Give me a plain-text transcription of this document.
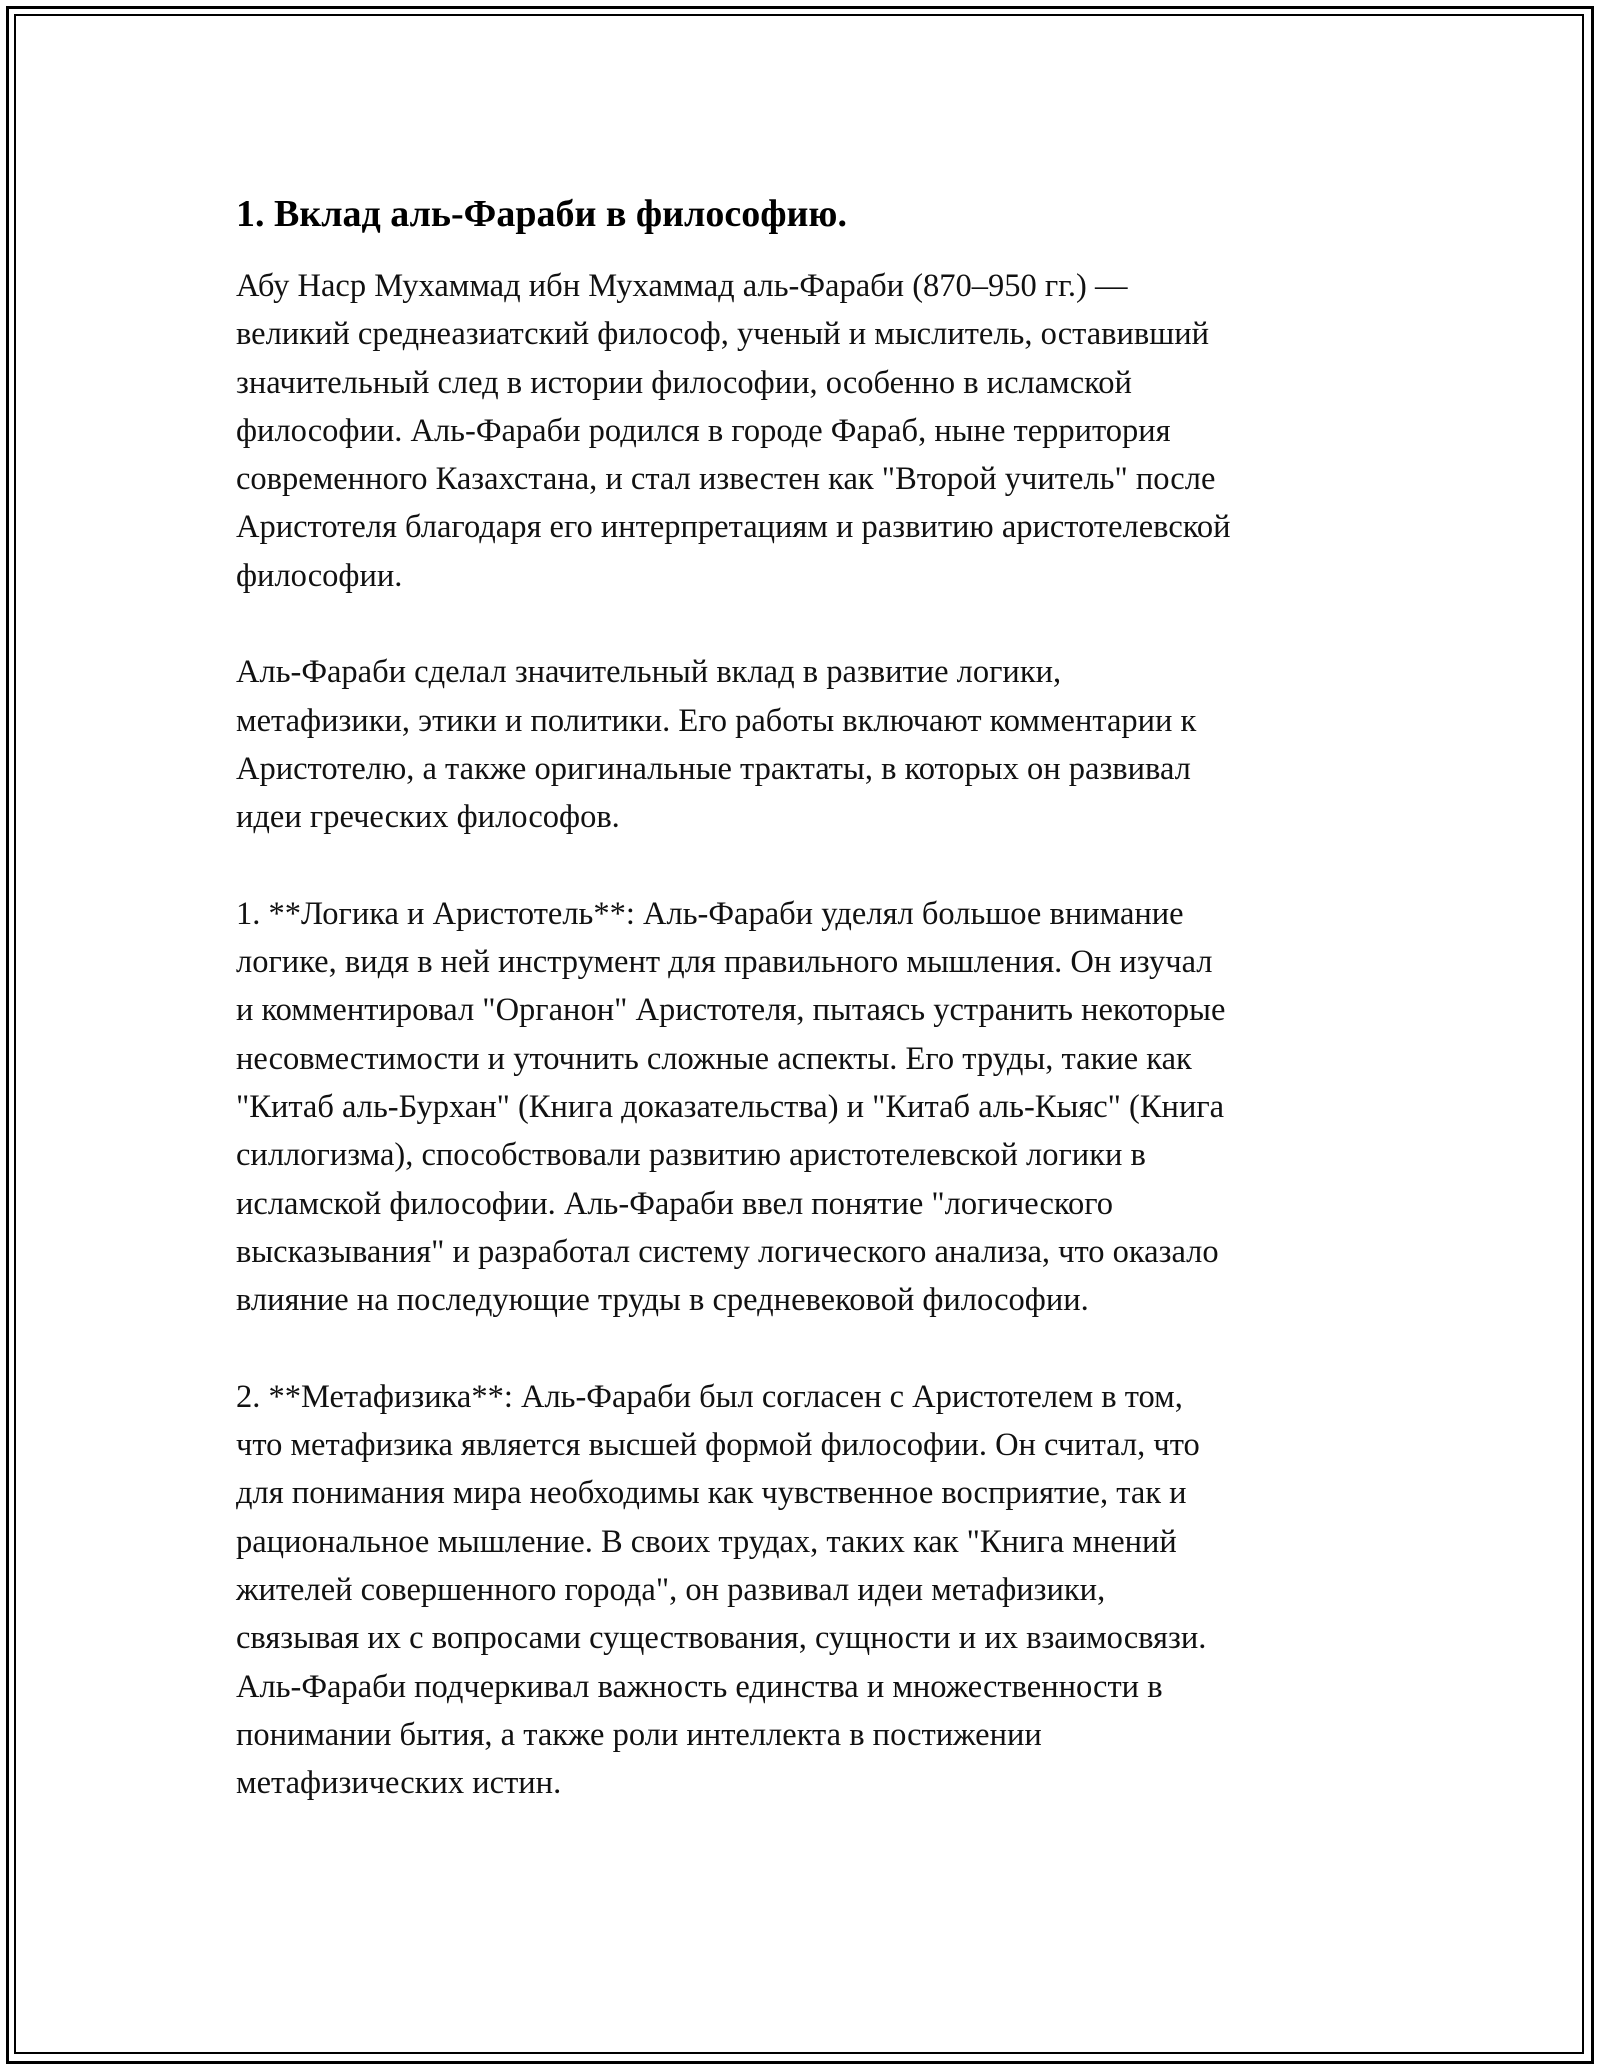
1. Вклад аль-Фараби в философию.

Абу Наср Мухаммад ибн Мухаммад аль-Фараби (870–950 гг.) —
великий среднеазиатский философ, ученый и мыслитель, оставивший
значительный след в истории философии, особенно в исламской
философии. Аль-Фараби родился в городе Фараб, ныне территория
современного Казахстана, и стал известен как "Второй учитель" после
Аристотеля благодаря его интерпретациям и развитию аристотелевской
философии.

Аль-Фараби сделал значительный вклад в развитие логики,
метафизики, этики и политики. Его работы включают комментарии к
Аристотелю, а также оригинальные трактаты, в которых он развивал
идеи греческих философов.

1. **Логика и Аристотель**: Аль-Фараби уделял большое внимание
логике, видя в ней инструмент для правильного мышления. Он изучал
и комментировал "Органон" Аристотеля, пытаясь устранить некоторые
несовместимости и уточнить сложные аспекты. Его труды, такие как
"Китаб аль-Бурхан" (Книга доказательства) и "Китаб аль-Кыяс" (Книга
силлогизма), способствовали развитию аристотелевской логики в
исламской философии. Аль-Фараби ввел понятие "логического
высказывания" и разработал систему логического анализа, что оказало
влияние на последующие труды в средневековой философии.

2. **Метафизика**: Аль-Фараби был согласен с Аристотелем в том,
что метафизика является высшей формой философии. Он считал, что
для понимания мира необходимы как чувственное восприятие, так и
рациональное мышление. В своих трудах, таких как "Книга мнений
жителей совершенного города", он развивал идеи метафизики,
связывая их с вопросами существования, сущности и их взаимосвязи.
Аль-Фараби подчеркивал важность единства и множественности в
понимании бытия, а также роли интеллекта в постижении
метафизических истин.
